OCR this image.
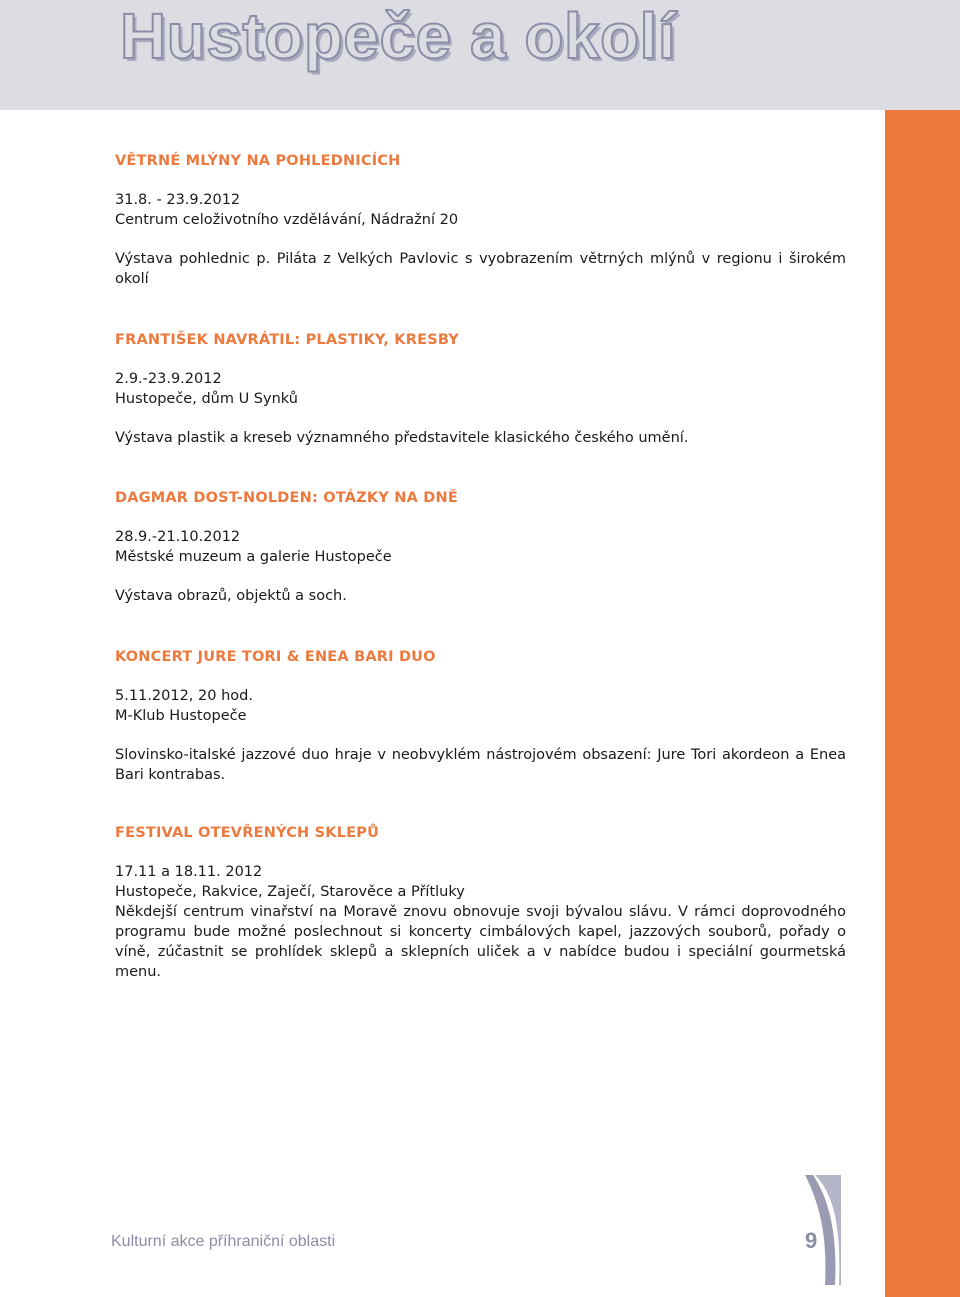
Hustopeče a okolí

VĚTRNÉ MLÝNY NA POHLEDNICÍCH

31.8. - 23.9.2012

Centrum celoživotního vzdělávání, Nádražní 20

Výstava pohlednic p. Piláta z Velkých Pavlovic s vyobrazením větrných mlýnů v regionu i širokém okolí

FRANTIŠEK NAVRÁTIL: PLASTIKY, KRESBY

2.9.-23.9.2012

Hustopeče, dům U Synků

Výstava plastik a kreseb významného představitele klasického českého umění.

DAGMAR DOST-NOLDEN: OTÁZKY NA DNĚ

28.9.-21.10.2012

Městské muzeum a galerie Hustopeče

Výstava obrazů, objektů a soch.

KONCERT JURE TORI & ENEA BARI DUO

5.11.2012, 20 hod.

M-Klub Hustopeče

Slovinsko-italské jazzové duo hraje v neobvyklém nástrojovém obsazení: Jure Tori akordeon a Enea Bari kontrabas.

FESTIVAL OTEVŘENÝCH SKLEPŮ

17.11 a 18.11. 2012

Hustopeče, Rakvice, Zaječí, Starověce a Přítluky

Někdejší centrum vinařství na Moravě znovu obnovuje svoji bývalou slávu. V rámci doprovodného programu bude možné poslechnout si koncerty cimbálových kapel, jazzových souborů, pořady o víně, zúčastnit se prohlídek sklepů a sklepních uliček a v nabídce budou i speciální gourmetská menu.

Kulturní akce příhraniční oblasti	9
